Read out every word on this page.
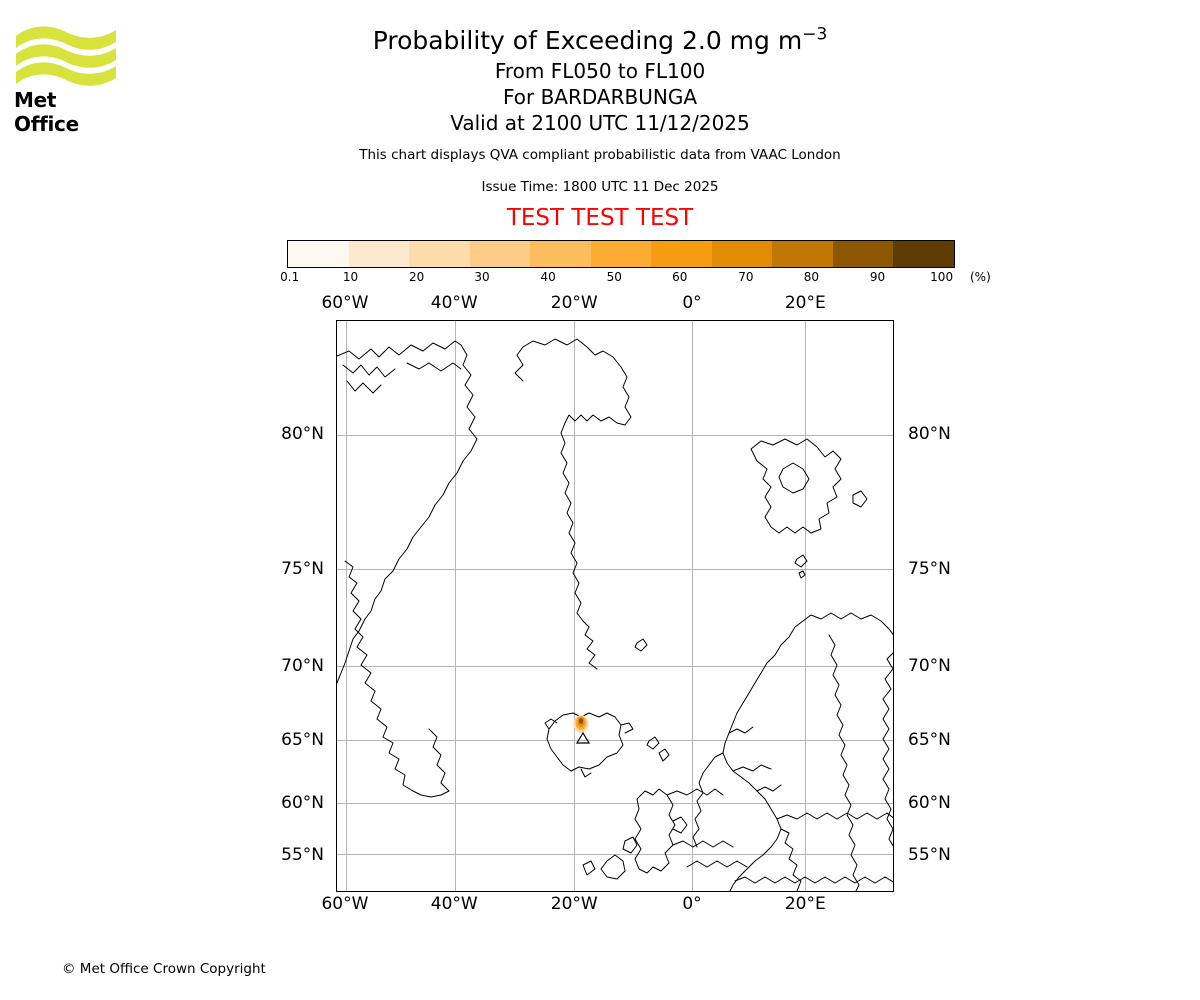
Met Office
Probability of Exceeding 2.0 mg $m^{-3}$
From FL050 to FL100
For BARDARBUNGA
Valid at 2100 UTC 11/12/2025
This chart displays QVA compliant probabilistic data from VAAC London
Issue Time: 1800 UTC 11 Dec 2025
TEST TEST TEST
0.1	10	20	30	40	50	60	70	80	90	100 (%)
60°W	40°W	20°W	0°	20°E
80°N
75°N
70°N
65°N
60°N
55°N
80°N
75°N
70°N
65°N
60°N
55°N
60°W	40°W	20°W	0°	20°E
© Met Office Crown Copyright
